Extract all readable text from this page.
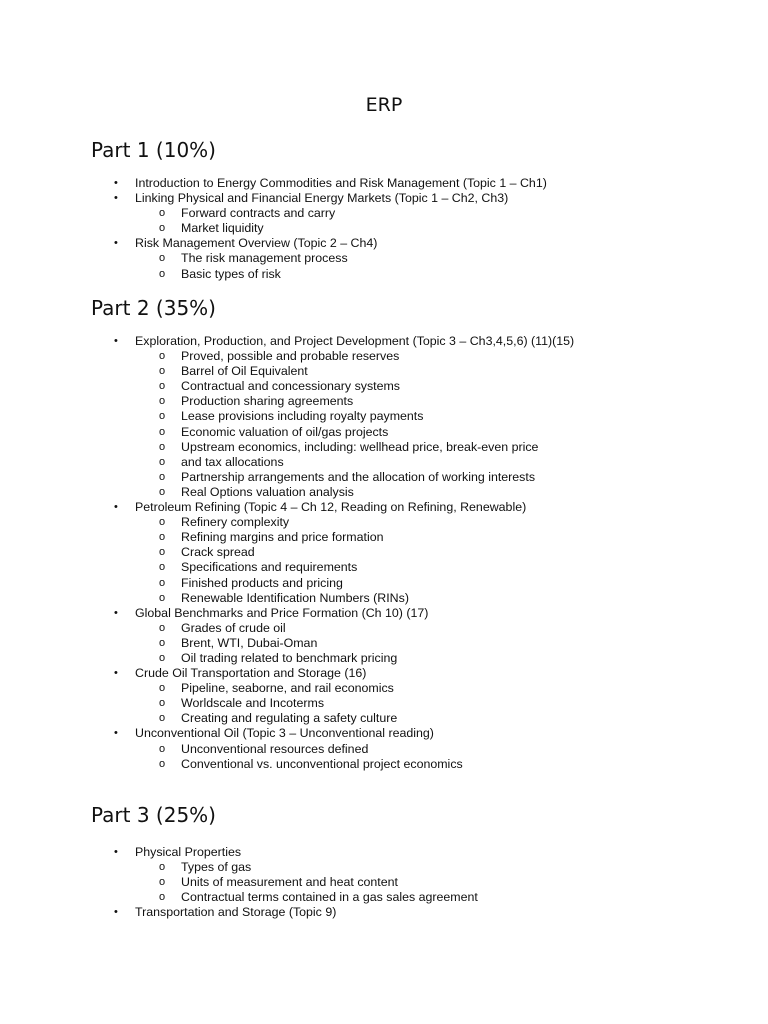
ERP
Part 1 (10%)
• Introduction to Energy Commodities and Risk Management (Topic 1 – Ch1)
• Linking Physical and Financial Energy Markets (Topic 1 – Ch2, Ch3)
o Forward contracts and carry
o Market liquidity
• Risk Management Overview (Topic 2 – Ch4)
o The risk management process
o Basic types of risk
Part 2 (35%)
• Exploration, Production, and Project Development (Topic 3 – Ch3,4,5,6) (11)(15)
o Proved, possible and probable reserves
o Barrel of Oil Equivalent
o Contractual and concessionary systems
o Production sharing agreements
o Lease provisions including royalty payments
o Economic valuation of oil/gas projects
o Upstream economics, including: wellhead price, break-even price
o and tax allocations
o Partnership arrangements and the allocation of working interests
o Real Options valuation analysis
• Petroleum Refining (Topic 4 – Ch 12, Reading on Refining, Renewable)
o Refinery complexity
o Refining margins and price formation
o Crack spread
o Specifications and requirements
o Finished products and pricing
o Renewable Identification Numbers (RINs)
• Global Benchmarks and Price Formation (Ch 10) (17)
o Grades of crude oil
o Brent, WTI, Dubai-Oman
o Oil trading related to benchmark pricing
• Crude Oil Transportation and Storage (16)
o Pipeline, seaborne, and rail economics
o Worldscale and Incoterms
o Creating and regulating a safety culture
• Unconventional Oil (Topic 3 – Unconventional reading)
o Unconventional resources defined
o Conventional vs. unconventional project economics
Part 3 (25%)
• Physical Properties
o Types of gas
o Units of measurement and heat content
o Contractual terms contained in a gas sales agreement
• Transportation and Storage (Topic 9)
